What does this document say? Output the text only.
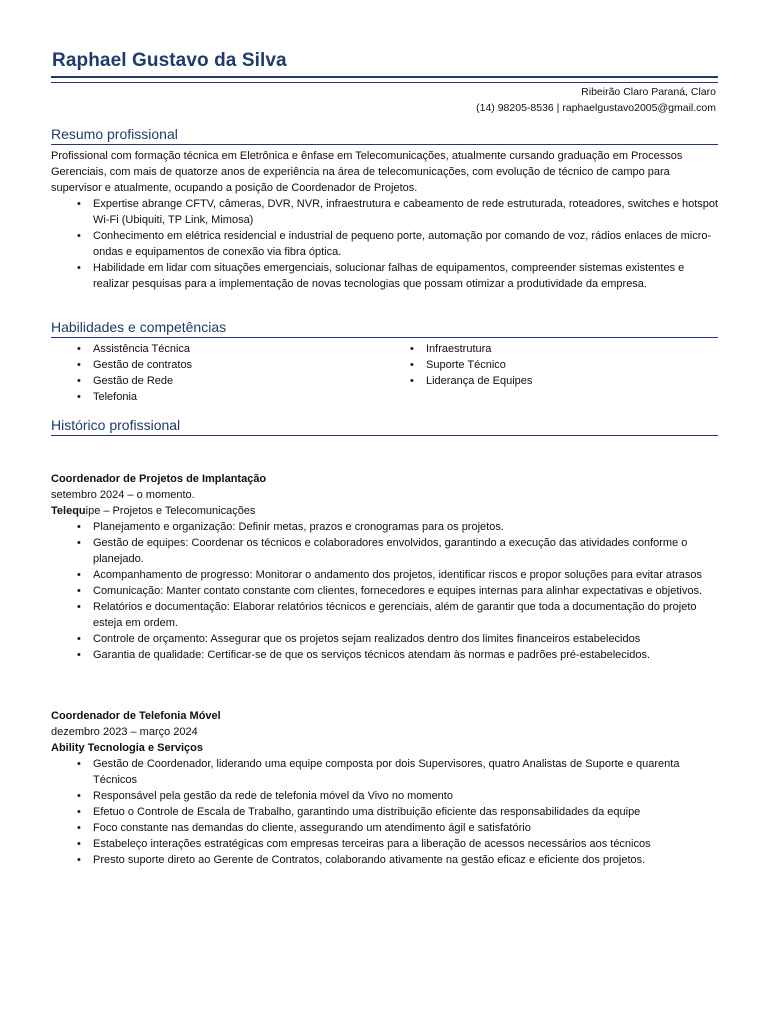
Raphael Gustavo da Silva
Ribeirão Claro Paraná, Claro
(14) 98205-8536 | raphaelgustavo2005@gmail.com
Resumo profissional
Profissional com formação técnica em Eletrônica e ênfase em Telecomunicações, atualmente cursando graduação em Processos Gerenciais, com mais de quatorze anos de experiência na área de telecomunicações, com evolução de técnico de campo para supervisor e atualmente, ocupando a posição de Coordenador de Projetos.
• Expertise abrange CFTV, câmeras, DVR, NVR, infraestrutura e cabeamento de rede estruturada, roteadores, switches e hotspot Wi-Fi (Ubiquiti, TP Link, Mimosa)
• Conhecimento em elétrica residencial e industrial de pequeno porte, automação por comando de voz, rádios enlaces de micro-ondas e equipamentos de conexão via fibra óptica.
• Habilidade em lidar com situações emergenciais, solucionar falhas de equipamentos, compreender sistemas existentes e realizar pesquisas para a implementação de novas tecnologias que possam otimizar a produtividade da empresa.
Habilidades e competências
• Assistência Técnica
• Gestão de contratos
• Gestão de Rede
• Telefonia
• Infraestrutura
• Suporte Técnico
• Liderança de Equipes
Histórico profissional
Coordenador de Projetos de Implantação
setembro 2024 – o momento.
Telequipe – Projetos e Telecomunicações
• Planejamento e organização: Definir metas, prazos e cronogramas para os projetos.
• Gestão de equipes: Coordenar os técnicos e colaboradores envolvidos, garantindo a execução das atividades conforme o planejado.
• Acompanhamento de progresso: Monitorar o andamento dos projetos, identificar riscos e propor soluções para evitar atrasos
• Comunicação: Manter contato constante com clientes, fornecedores e equipes internas para alinhar expectativas e objetivos.
• Relatórios e documentação: Elaborar relatórios técnicos e gerenciais, além de garantir que toda a documentação do projeto esteja em ordem.
• Controle de orçamento: Assegurar que os projetos sejam realizados dentro dos limites financeiros estabelecidos
• Garantia de qualidade: Certificar-se de que os serviços técnicos atendam às normas e padrões pré-estabelecidos.
Coordenador de Telefonia Móvel
dezembro 2023 – março 2024
Ability Tecnologia e Serviços
• Gestão de Coordenador, liderando uma equipe composta por dois Supervisores, quatro Analistas de Suporte e quarenta Técnicos
• Responsável pela gestão da rede de telefonia móvel da Vivo no momento
• Efetuo o Controle de Escala de Trabalho, garantindo uma distribuição eficiente das responsabilidades da equipe
• Foco constante nas demandas do cliente, assegurando um atendimento ágil e satisfatório
• Estabeleço interações estratégicas com empresas terceiras para a liberação de acessos necessários aos técnicos
• Presto suporte direto ao Gerente de Contratos, colaborando ativamente na gestão eficaz e eficiente dos projetos.
